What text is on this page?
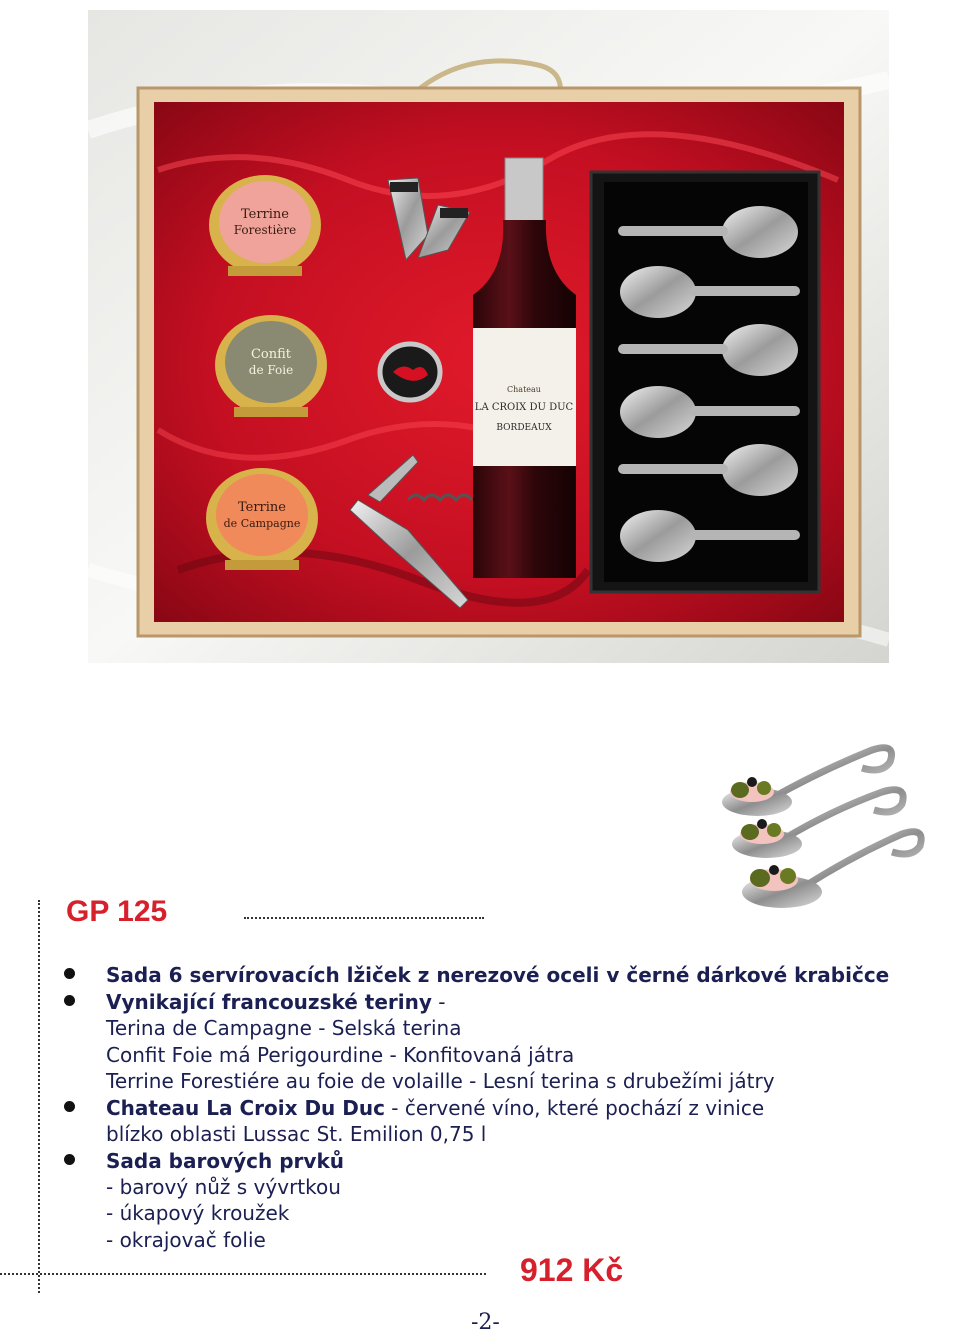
Terrine
Forestière
Confit
de Foie
Terrine
de Campagne
Chateau
LA CROIX DU DUC
BORDEAUX
GP 125
Sada 6 servírovacích lžiček z nerezové oceli v černé dárkové krabičce
Vynikající francouzské teriny -
Terina de Campagne - Selská terina
Confit Foie má Perigourdine - Konfitovaná játra
Terrine Forestiére au foie de volaille - Lesní terina s drubežími játry
Chateau La Croix Du Duc - červené víno, které pochází z vinice
blízko oblasti Lussac St. Emilion 0,75 l
Sada barových prvků
- barový nůž s vývrtkou
- úkapový kroužek
- okrajovač folie
912 Kč
-2-
